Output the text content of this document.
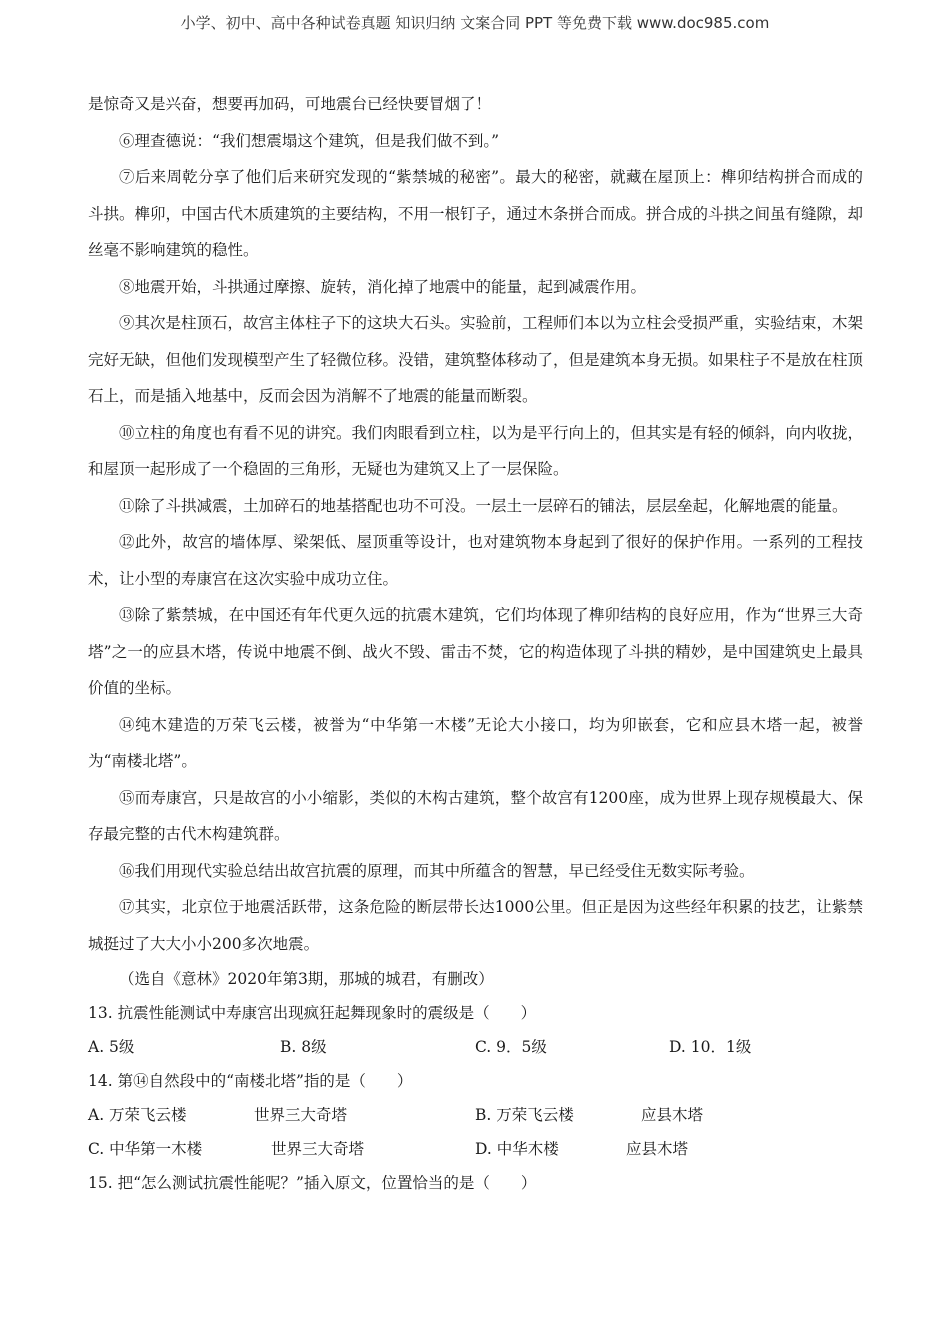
小学、初中、高中各种试卷真题 知识归纳 文案合同 PPT 等免费下载 www.doc985.com

是惊奇又是兴奋，想要再加码，可地震台已经快要冒烟了！

⑥理查德说：“我们想震塌这个建筑，但是我们做不到。”

⑦后来周乾分享了他们后来研究发现的“紫禁城的秘密”。最大的秘密，就藏在屋顶上：榫卯结构拼合而成的斗拱。榫卯，中国古代木质建筑的主要结构，不用一根钉子，通过木条拼合而成。拼合成的斗拱之间虽有缝隙，却丝毫不影响建筑的稳性。

⑧地震开始，斗拱通过摩擦、旋转，消化掉了地震中的能量，起到减震作用。

⑨其次是柱顶石，故宫主体柱子下的这块大石头。实验前，工程师们本以为立柱会受损严重，实验结束，木架完好无缺，但他们发现模型产生了轻微位移。没错，建筑整体移动了，但是建筑本身无损。如果柱子不是放在柱顶石上，而是插入地基中，反而会因为消解不了地震的能量而断裂。

⑩立柱的角度也有看不见的讲究。我们肉眼看到立柱，以为是平行向上的，但其实是有轻的倾斜，向内收拢，和屋顶一起形成了一个稳固的三角形，无疑也为建筑又上了一层保险。

⑪除了斗拱减震，土加碎石的地基搭配也功不可没。一层土一层碎石的铺法，层层垒起，化解地震的能量。

⑫此外，故宫的墙体厚、梁架低、屋顶重等设计，也对建筑物本身起到了很好的保护作用。一系列的工程技术，让小型的寿康宫在这次实验中成功立住。

⑬除了紫禁城，在中国还有年代更久远的抗震木建筑，它们均体现了榫卯结构的良好应用，作为“世界三大奇塔”之一的应县木塔，传说中地震不倒、战火不毁、雷击不焚，它的构造体现了斗拱的精妙，是中国建筑史上最具价值的坐标。

⑭纯木建造的万荣飞云楼，被誉为“中华第一木楼”无论大小接口，均为卯嵌套，它和应县木塔一起，被誉为“南楼北塔”。

⑮而寿康宫，只是故宫的小小缩影，类似的木构古建筑，整个故宫有1200座，成为世界上现存规模最大、保存最完整的古代木构建筑群。

⑯我们用现代实验总结出故宫抗震的原理，而其中所蕴含的智慧，早已经受住无数实际考验。

⑰其实，北京位于地震活跃带，这条危险的断层带长达1000公里。但正是因为这些经年积累的技艺，让紫禁城挺过了大大小小200多次地震。

（选自《意林》2020年第3期，那城的城君，有删改）

13. 抗震性能测试中寿康宫出现疯狂起舞现象时的震级是（　　）

A. 5级	B. 8级	C. 9．5级	D. 10．1级

14. 第⑭自然段中的“南楼北塔”指的是（　　）

A. 万荣飞云楼	世界三大奇塔	B. 万荣飞云楼	应县木塔
C. 中华第一木楼	世界三大奇塔	D. 中华木楼	应县木塔

15. 把“怎么测试抗震性能呢？”插入原文，位置恰当的是（　　）
